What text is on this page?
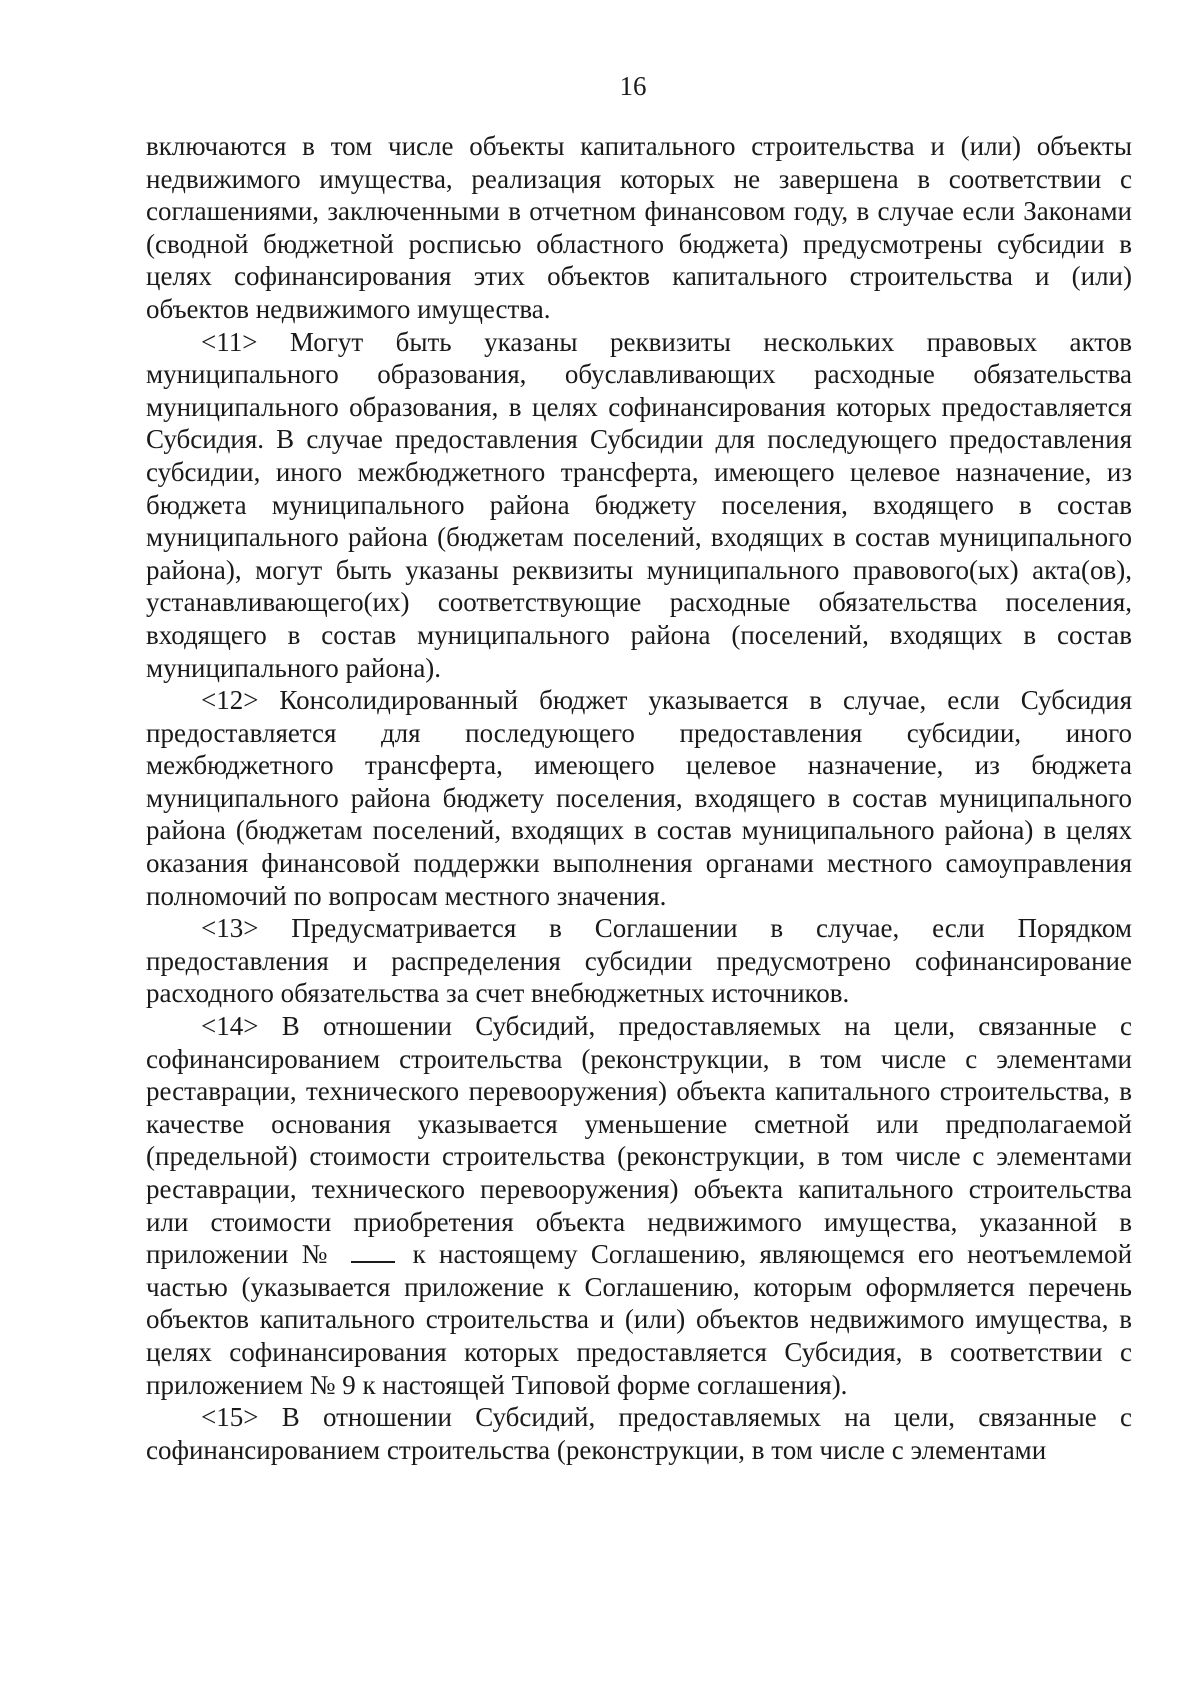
16

включаются в том числе объекты капитального строительства и (или) объекты недвижимого имущества, реализация которых не завершена в соответствии с соглашениями, заключенными в отчетном финансовом году, в случае если Законами (сводной бюджетной росписью областного бюджета) предусмотрены субсидии в целях софинансирования этих объектов капитального строительства и (или) объектов недвижимого имущества.

<11> Могут быть указаны реквизиты нескольких правовых актов муниципального образования, обуславливающих расходные обязательства муниципального образования, в целях софинансирования которых предоставляется Субсидия. В случае предоставления Субсидии для последующего предоставления субсидии, иного межбюджетного трансферта, имеющего целевое назначение, из бюджета муниципального района бюджету поселения, входящего в состав муниципального района (бюджетам поселений, входящих в состав муниципального района), могут быть указаны реквизиты муниципального правового(ых) акта(ов), устанавливающего(их) соответствующие расходные обязательства поселения, входящего в состав муниципального района (поселений, входящих в состав муниципального района).

<12> Консолидированный бюджет указывается в случае, если Субсидия предоставляется для последующего предоставления субсидии, иного межбюджетного трансферта, имеющего целевое назначение, из бюджета муниципального района бюджету поселения, входящего в состав муниципального района (бюджетам поселений, входящих в состав муниципального района) в целях оказания финансовой поддержки выполнения органами местного самоуправления полномочий по вопросам местного значения.

<13> Предусматривается в Соглашении в случае, если Порядком предоставления и распределения субсидии предусмотрено софинансирование расходного обязательства за счет внебюджетных источников.

<14> В отношении Субсидий, предоставляемых на цели, связанные с софинансированием строительства (реконструкции, в том числе с элементами реставрации, технического перевооружения) объекта капитального строительства, в качестве основания указывается уменьшение сметной или предполагаемой (предельной) стоимости строительства (реконструкции, в том числе с элементами реставрации, технического перевооружения) объекта капитального строительства или стоимости приобретения объекта недвижимого имущества, указанной в приложении №	к настоящему Соглашению, являющемся его неотъемлемой частью (указывается приложение к Соглашению, которым оформляется перечень объектов капитального строительства и (или) объектов недвижимого имущества, в целях софинансирования которых предоставляется Субсидия, в соответствии с приложением № 9 к настоящей Типовой форме соглашения).

<15> В отношении Субсидий, предоставляемых на цели, связанные с софинансированием строительства (реконструкции, в том числе с элементами
